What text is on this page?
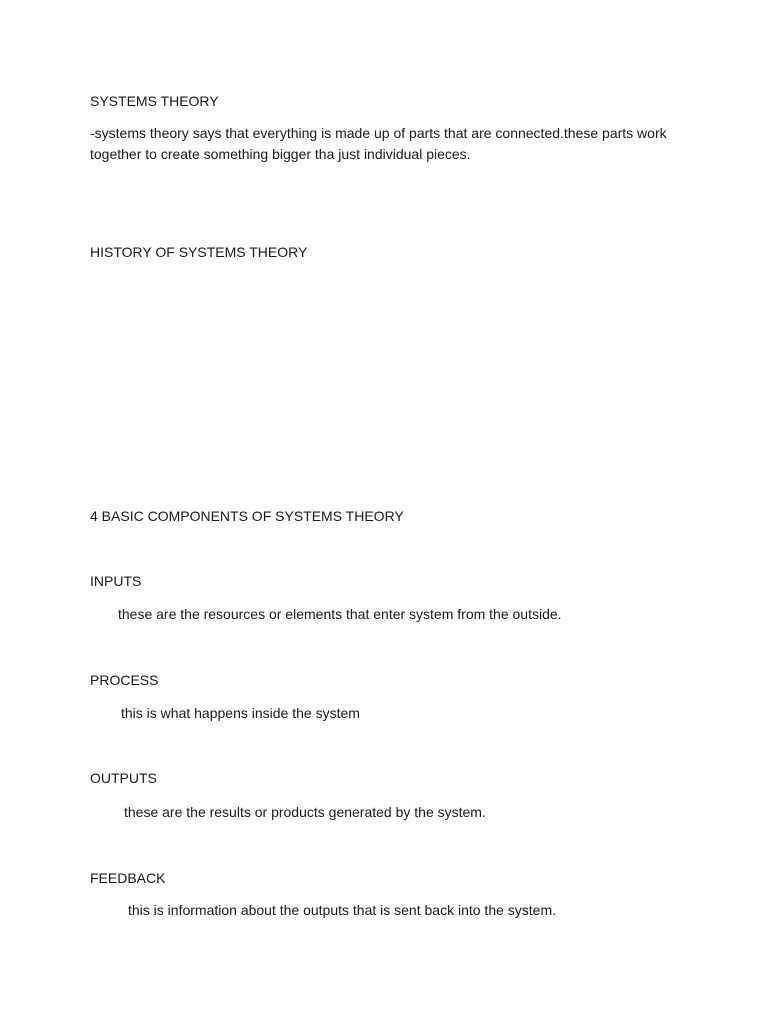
SYSTEMS THEORY

-systems theory says that everything is made up of parts that are connected.these parts work

together to create something bigger tha just individual pieces.

HISTORY OF SYSTEMS THEORY

4 BASIC COMPONENTS OF SYSTEMS THEORY

INPUTS

these are the resources or elements that enter system from the outside.

PROCESS

this is what happens inside the system

OUTPUTS

these are the results or products generated by the system.

FEEDBACK

this is information about the outputs that is sent back into the system.
